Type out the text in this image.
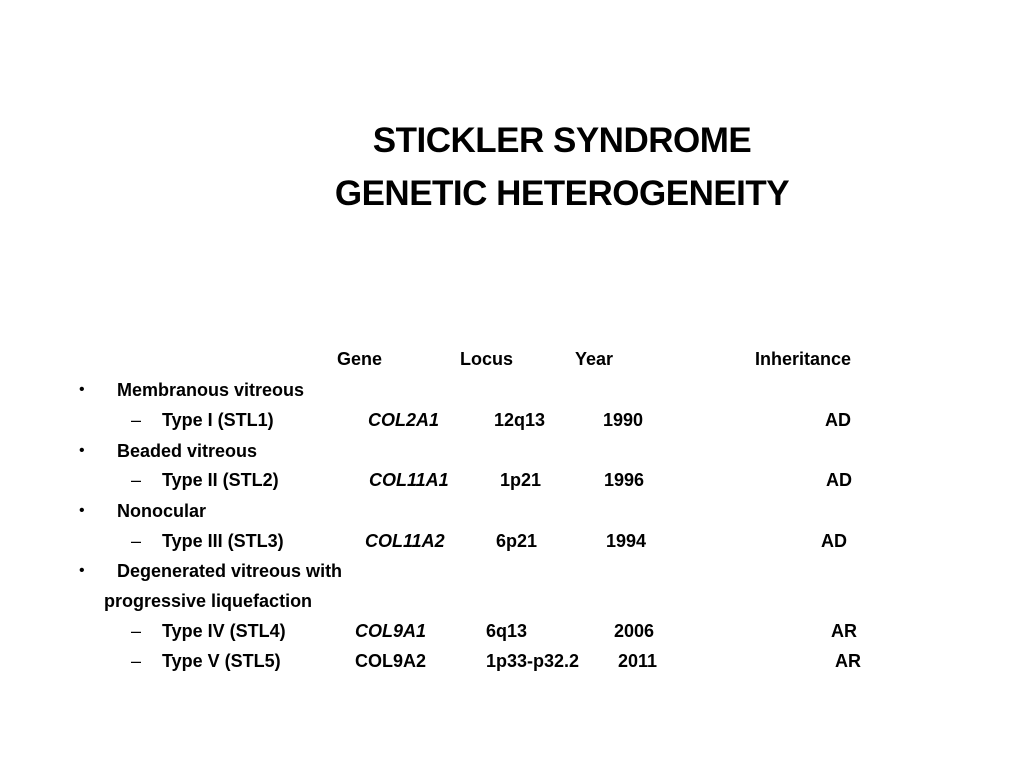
STICKLER SYNDROME
GENETIC HETEROGENEITY
Gene	Locus	Year	Inheritance
• Membranous vitreous
– Type I (STL1)	COL2A1	12q13	1990	AD
• Beaded vitreous
– Type II (STL2)	COL11A1	1p21	1996	AD
• Nonocular
– Type III (STL3)	COL11A2	6p21	1994	AD
• Degenerated vitreous with
progressive liquefaction
– Type IV (STL4)	COL9A1	6q13	2006	AR
– Type V (STL5)	COL9A2	1p33-p32.2 2011	AR
